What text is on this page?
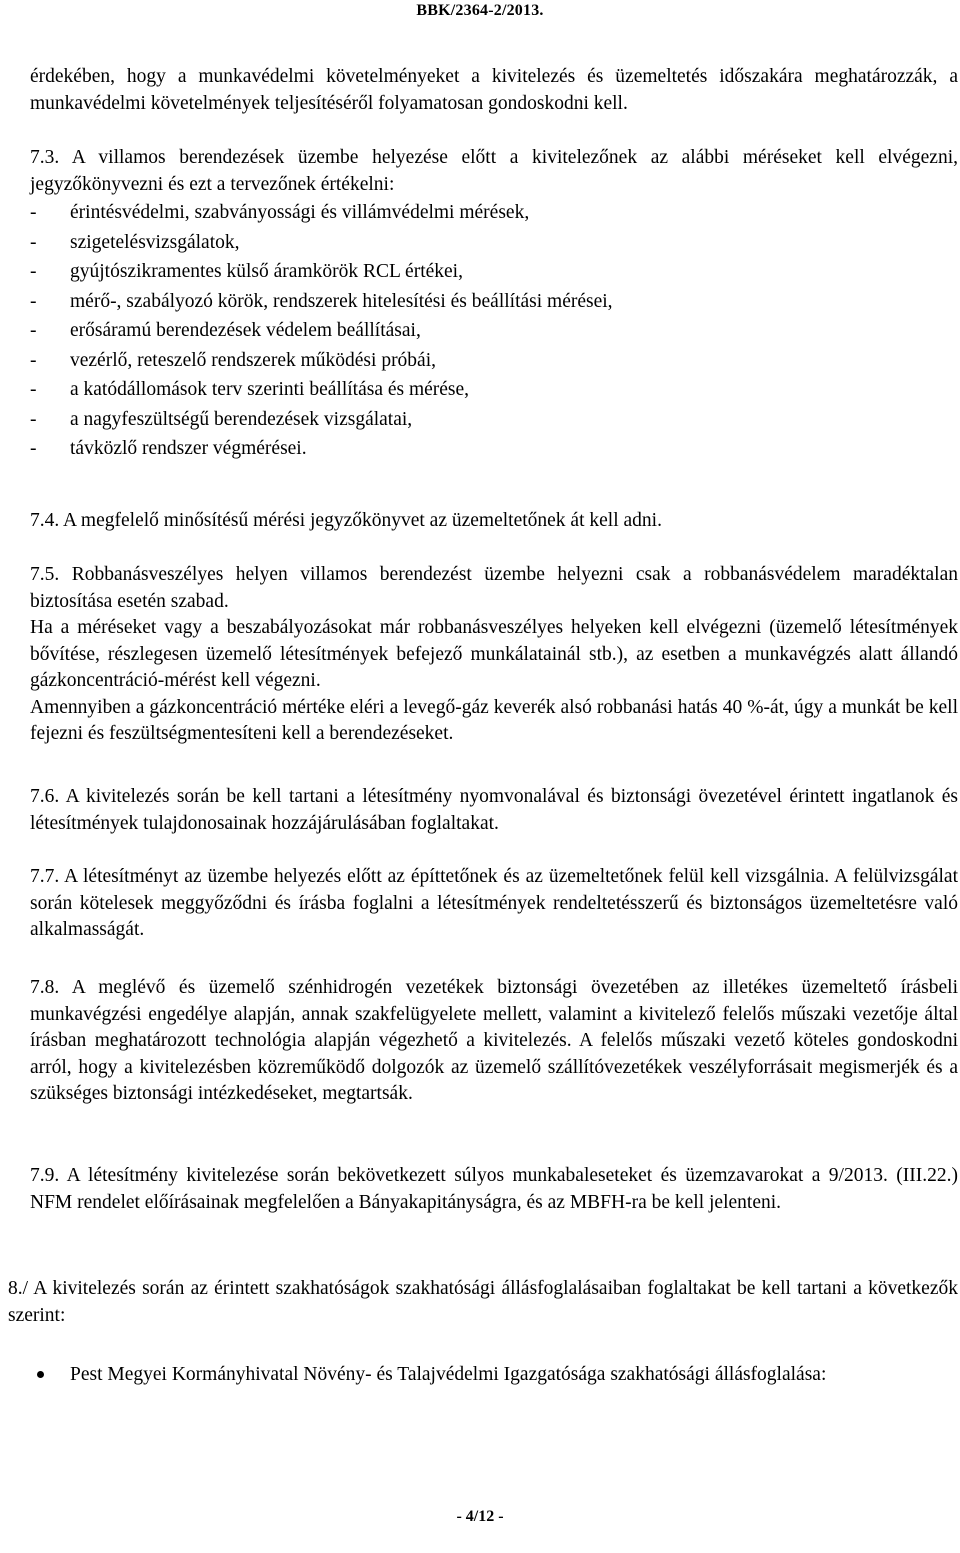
BBK/2364-2/2013.

érdekében, hogy a munkavédelmi követelményeket a kivitelezés és üzemeltetés időszakára meghatározzák, a munkavédelmi követelmények teljesítéséről folyamatosan gondoskodni kell.

7.3. A villamos berendezések üzembe helyezése előtt a kivitelezőnek az alábbi méréseket kell elvégezni, jegyzőkönyvezni és ezt a tervezőnek értékelni:

- érintésvédelmi, szabványossági és villámvédelmi mérések,
- szigetelésvizsgálatok,
- gyújtószikramentes külső áramkörök RCL értékei,
- mérő-, szabályozó körök, rendszerek hitelesítési és beállítási mérései,
- erősáramú berendezések védelem beállításai,
- vezérlő, reteszelő rendszerek működési próbái,
- a katódállomások terv szerinti beállítása és mérése,
- a nagyfeszültségű berendezések vizsgálatai,
- távközlő rendszer végmérései.

7.4. A megfelelő minősítésű mérési jegyzőkönyvet az üzemeltetőnek át kell adni.

7.5. Robbanásveszélyes helyen villamos berendezést üzembe helyezni csak a robbanásvédelem maradéktalan biztosítása esetén szabad.

Ha a méréseket vagy a beszabályozásokat már robbanásveszélyes helyeken kell elvégezni (üzemelő létesítmények bővítése, részlegesen üzemelő létesítmények befejező munkálatainál stb.), az esetben a munkavégzés alatt állandó gázkoncentráció-mérést kell végezni.

Amennyiben a gázkoncentráció mértéke eléri a levegő-gáz keverék alsó robbanási hatás 40 %-át, úgy a munkát be kell fejezni és feszültségmentesíteni kell a berendezéseket.

7.6. A kivitelezés során be kell tartani a létesítmény nyomvonalával és biztonsági övezetével érintett ingatlanok és létesítmények tulajdonosainak hozzájárulásában foglaltakat.

7.7. A létesítményt az üzembe helyezés előtt az építtetőnek és az üzemeltetőnek felül kell vizsgálnia. A felülvizsgálat során kötelesek meggyőződni és írásba foglalni a létesítmények rendeltetésszerű és biztonságos üzemeltetésre való alkalmasságát.

7.8. A meglévő és üzemelő szénhidrogén vezetékek biztonsági övezetében az illetékes üzemeltető írásbeli munkavégzési engedélye alapján, annak szakfelügyelete mellett, valamint a kivitelező felelős műszaki vezetője által írásban meghatározott technológia alapján végezhető a kivitelezés. A felelős műszaki vezető köteles gondoskodni arról, hogy a kivitelezésben közreműködő dolgozók az üzemelő szállítóvezetékek veszélyforrásait megismerjék és a szükséges biztonsági intézkedéseket, megtartsák.

7.9. A létesítmény kivitelezése során bekövetkezett súlyos munkabaleseteket és üzemzavarokat a 9/2013. (III.22.) NFM rendelet előírásainak megfelelően a Bányakapitányságra, és az MBFH-ra be kell jelenteni.

8./ A kivitelezés során az érintett szakhatóságok szakhatósági állásfoglalásaiban foglaltakat be kell tartani a következők szerint:

Pest Megyei Kormányhivatal Növény- és Talajvédelmi Igazgatósága szakhatósági állásfoglalása:
- 4/12 -
